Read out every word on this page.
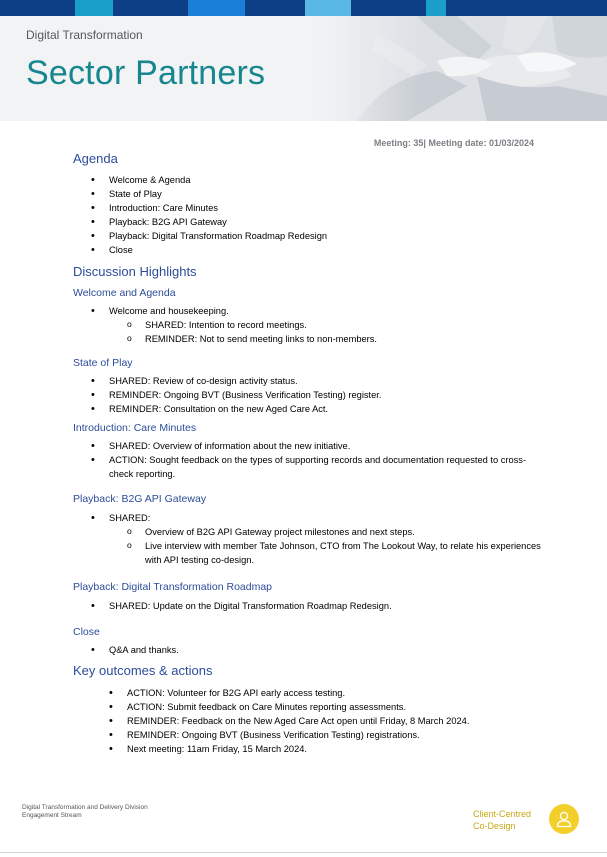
Digital Transformation
Sector Partners
Meeting: 35| Meeting date: 01/03/2024
Agenda
• Welcome & Agenda
• State of Play
• Introduction: Care Minutes
• Playback: B2G API Gateway
• Playback: Digital Transformation Roadmap Redesign
• Close
Discussion Highlights
Welcome and Agenda
• Welcome and housekeeping.
o SHARED: Intention to record meetings.
o REMINDER: Not to send meeting links to non-members.
State of Play
• SHARED: Review of co-design activity status.
• REMINDER: Ongoing BVT (Business Verification Testing) register.
• REMINDER: Consultation on the new Aged Care Act.
Introduction: Care Minutes
• SHARED: Overview of information about the new initiative.
• ACTION: Sought feedback on the types of supporting records and documentation requested to cross-check reporting.
Playback: B2G API Gateway
• SHARED:
o Overview of B2G API Gateway project milestones and next steps.
o Live interview with member Tate Johnson, CTO from The Lookout Way, to relate his experiences with API testing co-design.
Playback: Digital Transformation Roadmap
• SHARED: Update on the Digital Transformation Roadmap Redesign.
Close
• Q&A and thanks.
Key outcomes & actions
• ACTION: Volunteer for B2G API early access testing.
• ACTION: Submit feedback on Care Minutes reporting assessments.
• REMINDER: Feedback on the New Aged Care Act open until Friday, 8 March 2024.
• REMINDER: Ongoing BVT (Business Verification Testing) registrations.
• Next meeting: 11am Friday, 15 March 2024.
Digital Transformation and Delivery Division
Engagement Stream	Client-Centred
Co-Design
